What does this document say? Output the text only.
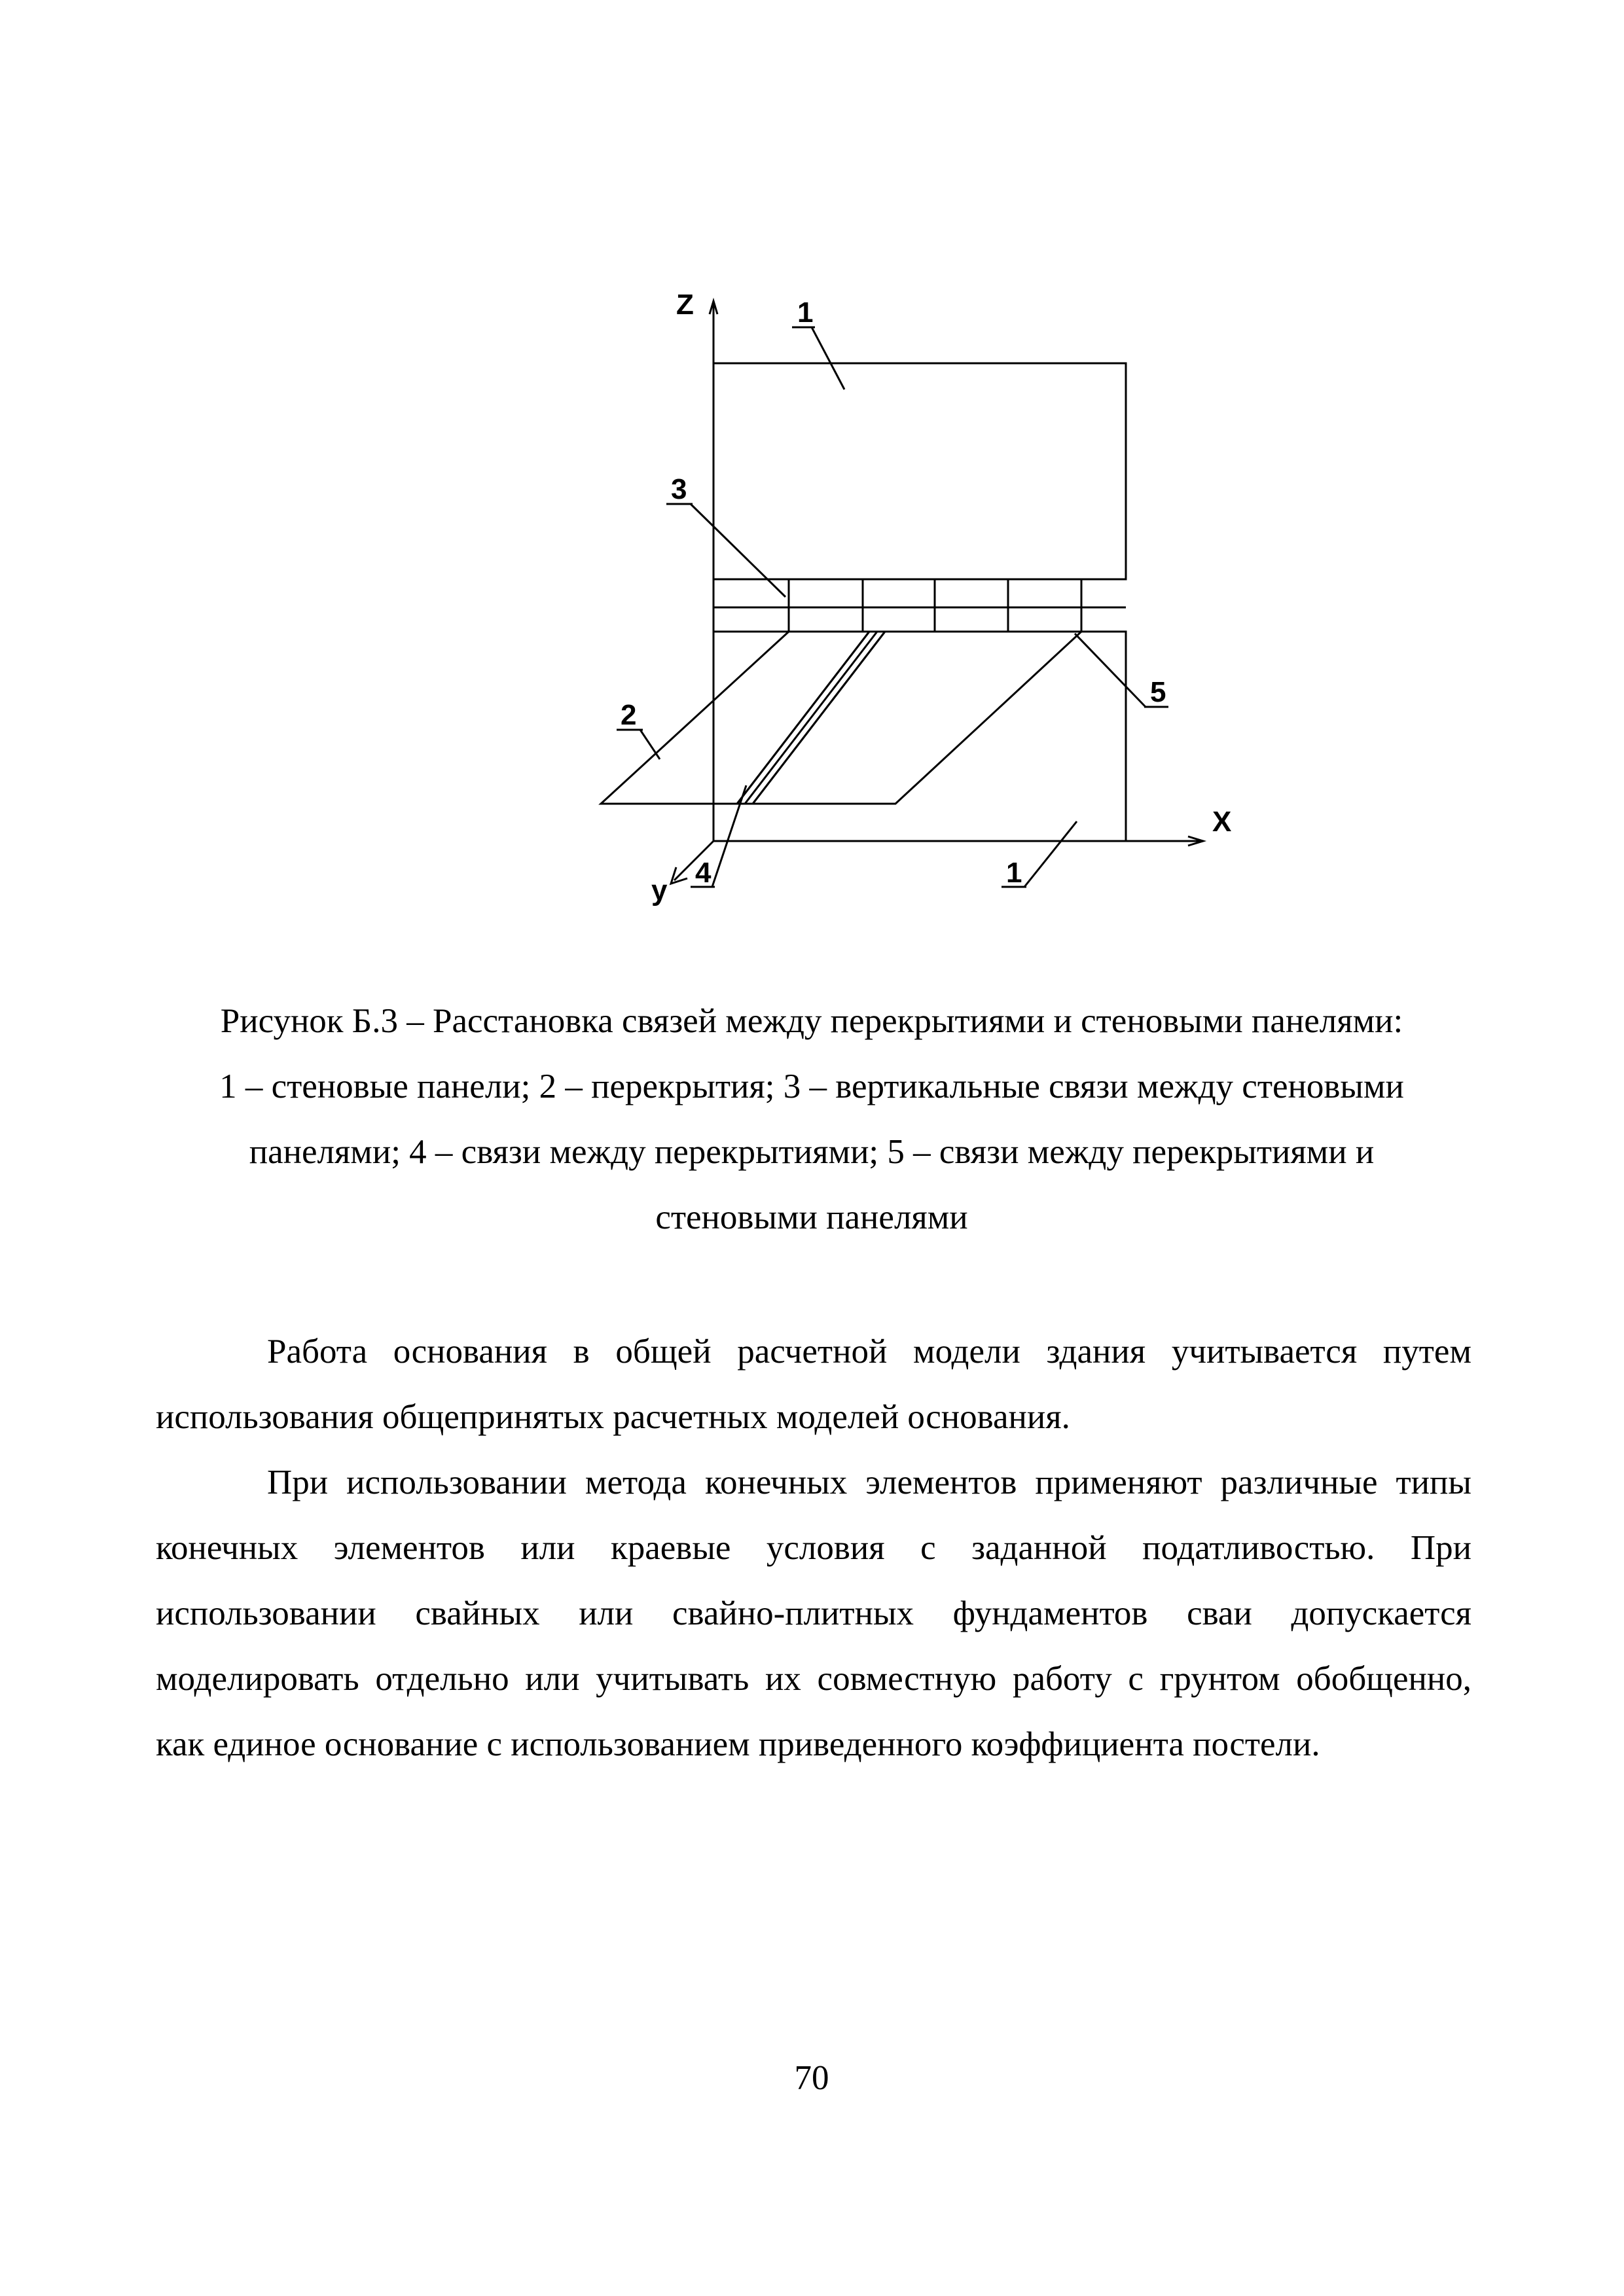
Z
X
y
1
3
2
5
4	1
Рисунок Б.3 – Расстановка связей между перекрытиями и стеновыми панелями:
1 – стеновые панели; 2 – перекрытия; 3 – вертикальные связи между стеновыми
панелями; 4 – связи между перекрытиями; 5 – связи между перекрытиями и
стеновыми панелями

Работа основания в общей расчетной модели здания учитывается путем
использования общепринятых расчетных моделей основания.

При использовании метода конечных элементов применяют различные типы
конечных элементов или краевые условия с заданной податливостью. При
использовании свайных или свайно-плитных фундаментов сваи допускается
моделировать отдельно или учитывать их совместную работу с грунтом обобщенно,
как единое основание с использованием приведенного коэффициента постели.

70
